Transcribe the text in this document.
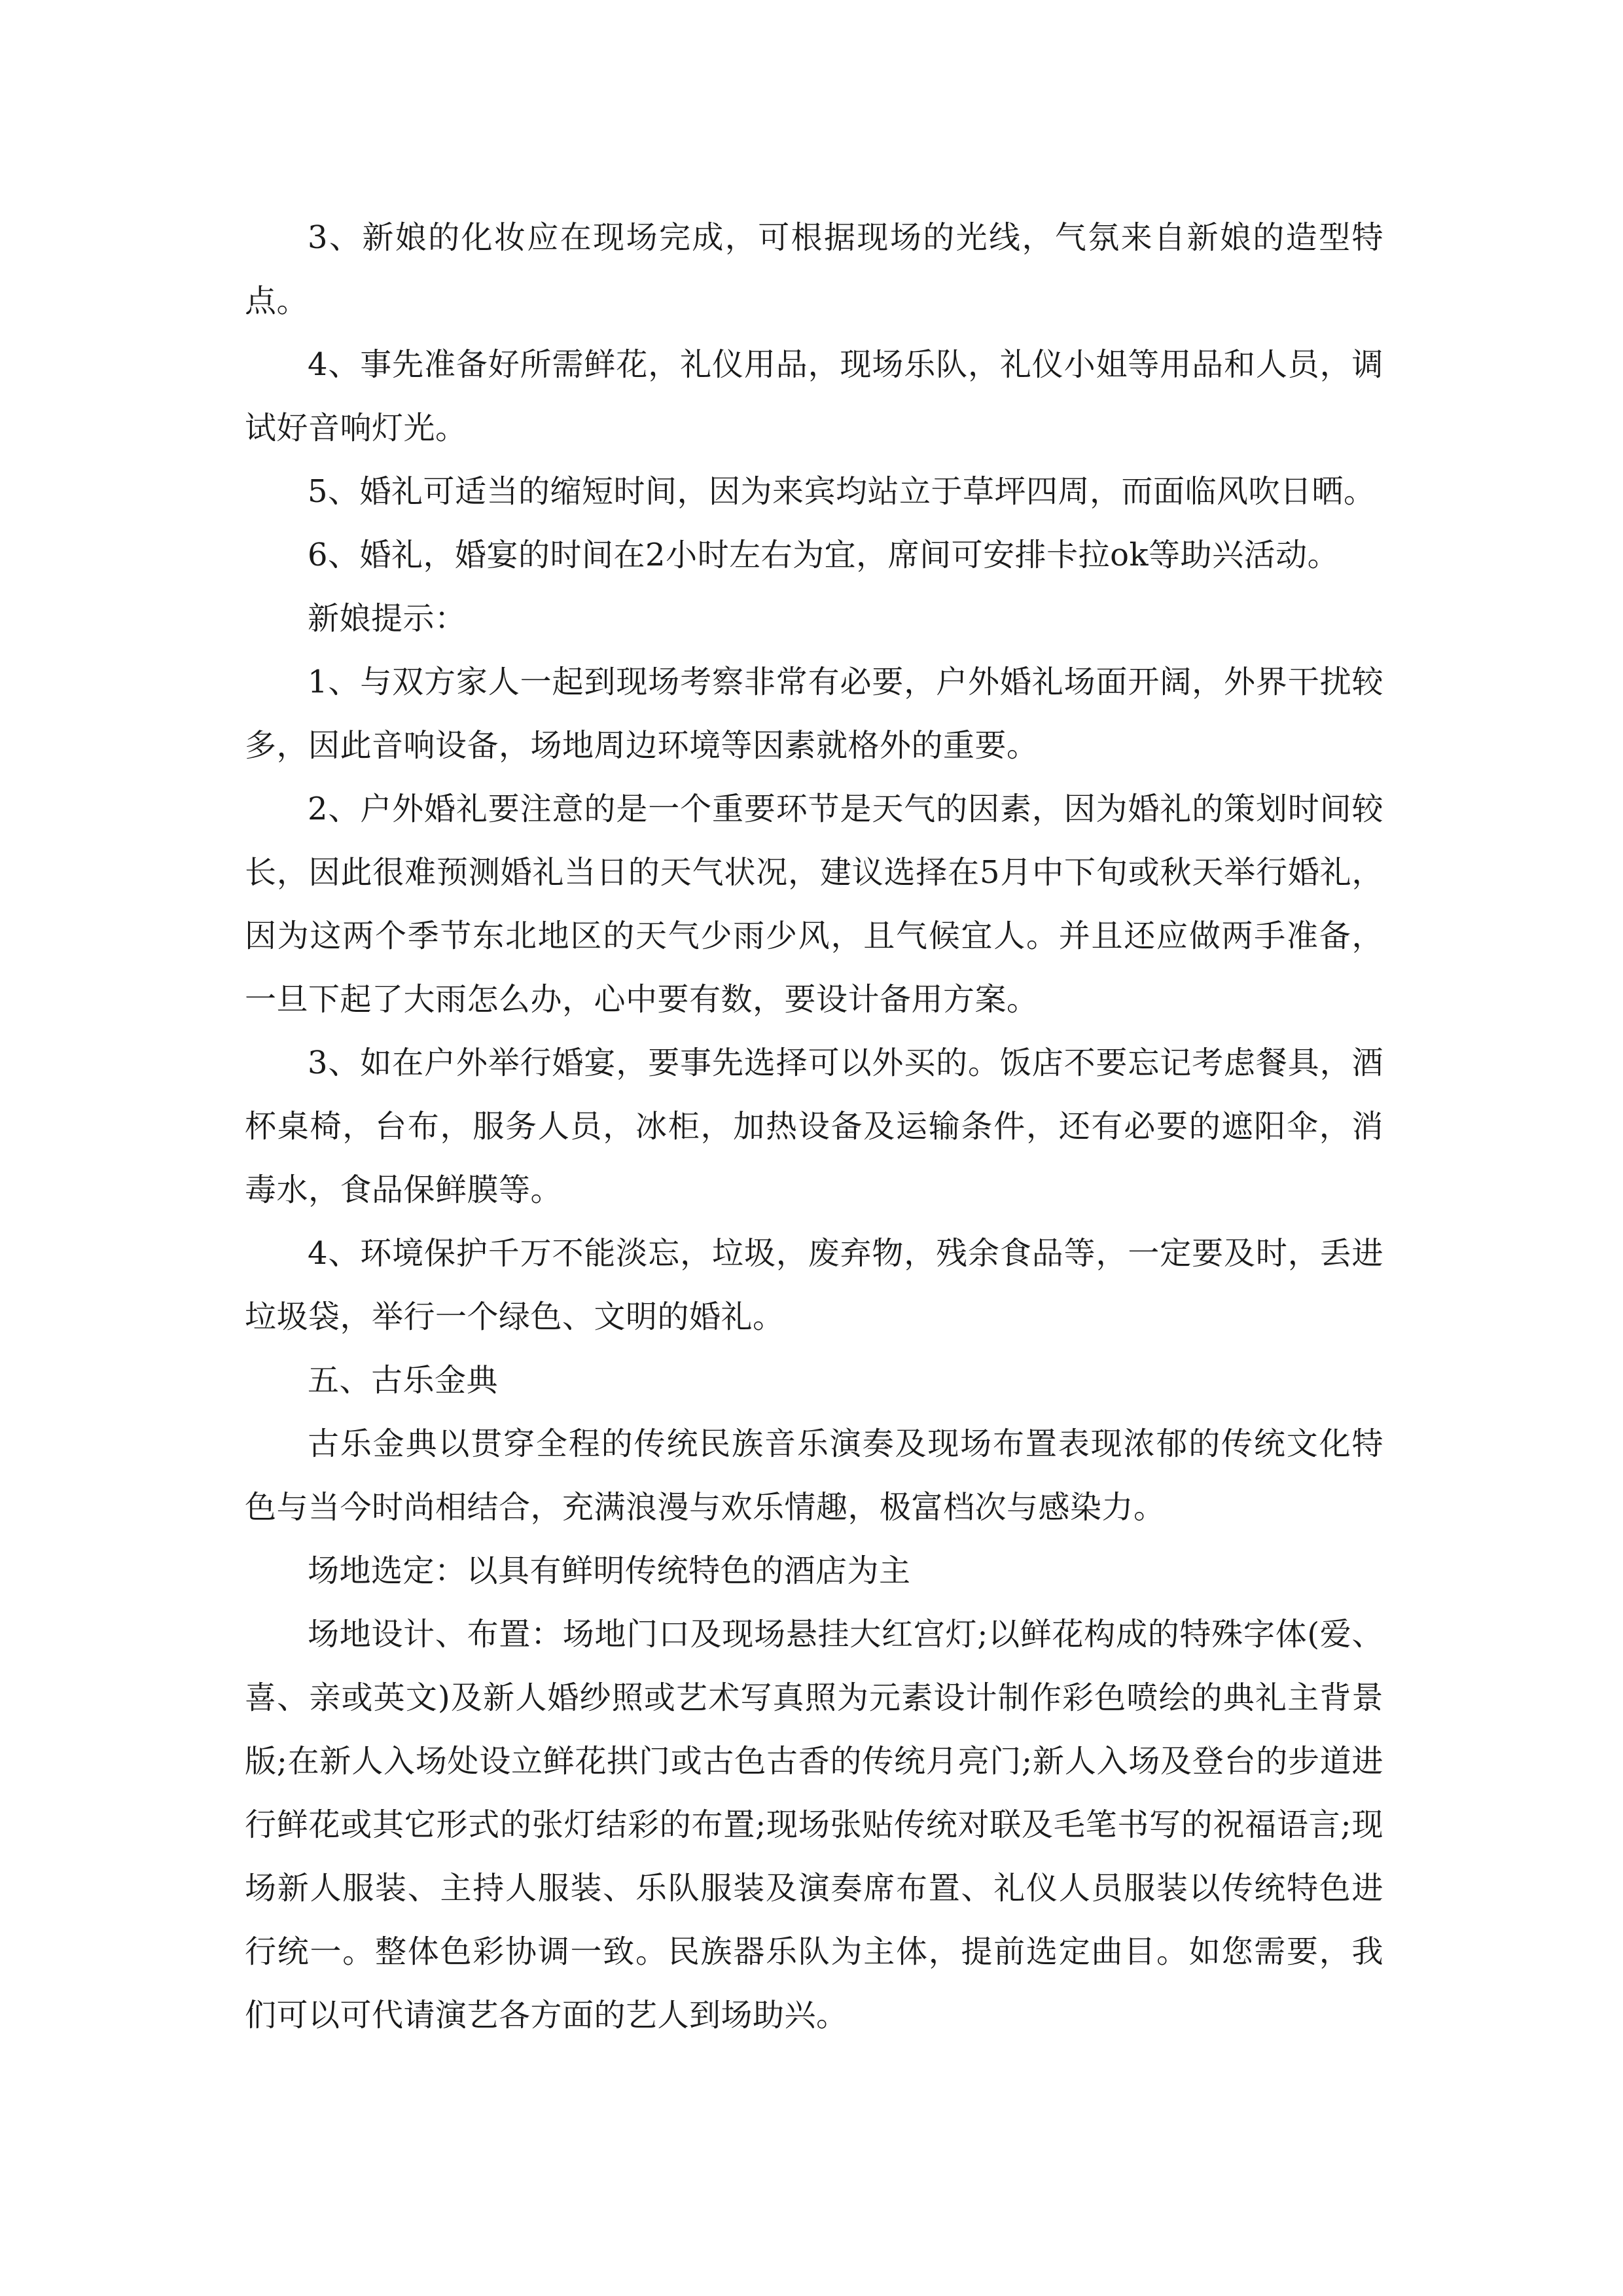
3、新娘的化妆应在现场完成，可根据现场的光线，气氛来自新娘的造型特点。

4、事先准备好所需鲜花，礼仪用品，现场乐队，礼仪小姐等用品和人员，调试好音响灯光。

5、婚礼可适当的缩短时间，因为来宾均站立于草坪四周，而面临风吹日晒。

6、婚礼，婚宴的时间在2小时左右为宜，席间可安排卡拉ok等助兴活动。

新娘提示：

1、与双方家人一起到现场考察非常有必要，户外婚礼场面开阔，外界干扰较多，因此音响设备，场地周边环境等因素就格外的重要。

2、户外婚礼要注意的是一个重要环节是天气的因素，因为婚礼的策划时间较长，因此很难预测婚礼当日的天气状况，建议选择在5月中下旬或秋天举行婚礼，因为这两个季节东北地区的天气少雨少风，且气候宜人。并且还应做两手准备，一旦下起了大雨怎么办，心中要有数，要设计备用方案。

3、如在户外举行婚宴，要事先选择可以外买的。饭店不要忘记考虑餐具，酒杯桌椅，台布，服务人员，冰柜，加热设备及运输条件，还有必要的遮阳伞，消毒水，食品保鲜膜等。

4、环境保护千万不能淡忘，垃圾，废弃物，残余食品等，一定要及时，丢进垃圾袋，举行一个绿色、文明的婚礼。

五、古乐金典

古乐金典以贯穿全程的传统民族音乐演奏及现场布置表现浓郁的传统文化特色与当今时尚相结合，充满浪漫与欢乐情趣，极富档次与感染力。

场地选定：以具有鲜明传统特色的酒店为主

场地设计、布置：场地门口及现场悬挂大红宫灯;以鲜花构成的特殊字体(爱、喜、亲或英文)及新人婚纱照或艺术写真照为元素设计制作彩色喷绘的典礼主背景版;在新人入场处设立鲜花拱门或古色古香的传统月亮门;新人入场及登台的步道进行鲜花或其它形式的张灯结彩的布置;现场张贴传统对联及毛笔书写的祝福语言;现场新人服装、主持人服装、乐队服装及演奏席布置、礼仪人员服装以传统特色进行统一。整体色彩协调一致。民族器乐队为主体，提前选定曲目。如您需要，我们可以可代请演艺各方面的艺人到场助兴。
